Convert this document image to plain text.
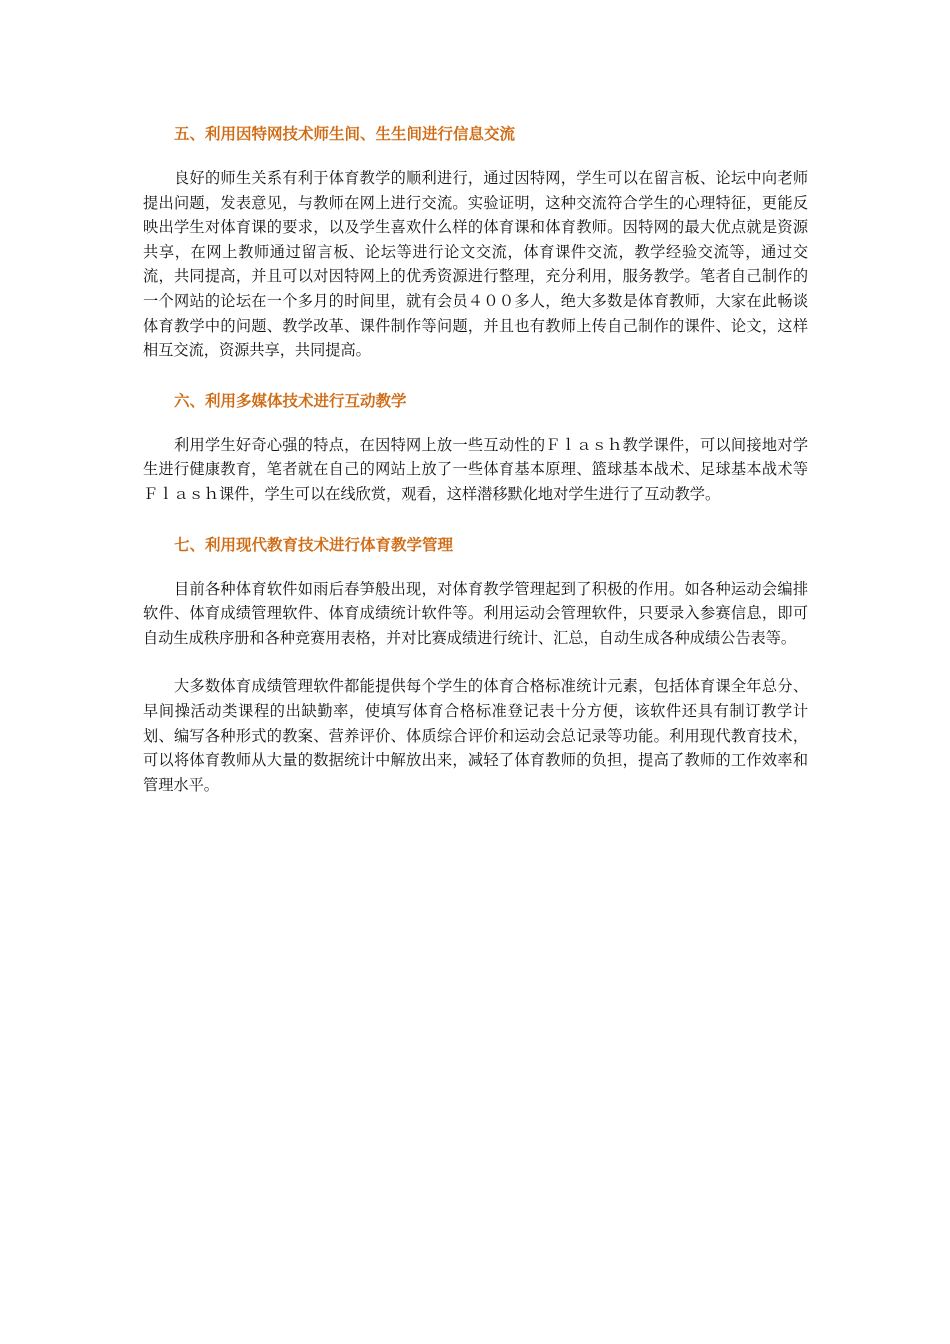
五、利用因特网技术师生间、生生间进行信息交流

良好的师生关系有利于体育教学的顺利进行，通过因特网，学生可以在留言板、论坛中向老师提出问题，发表意见，与教师在网上进行交流。实验证明，这种交流符合学生的心理特征，更能反映出学生对体育课的要求，以及学生喜欢什么样的体育课和体育教师。因特网的最大优点就是资源共享，在网上教师通过留言板、论坛等进行论文交流，体育课件交流，教学经验交流等，通过交流，共同提高，并且可以对因特网上的优秀资源进行整理，充分利用，服务教学。笔者自己制作的一个网站的论坛在一个多月的时间里，就有会员４００多人，绝大多数是体育教师，大家在此畅谈体育教学中的问题、教学改革、课件制作等问题，并且也有教师上传自己制作的课件、论文，这样相互交流，资源共享，共同提高。

六、利用多媒体技术进行互动教学

利用学生好奇心强的特点，在因特网上放一些互动性的Ｆｌａｓｈ教学课件，可以间接地对学生进行健康教育，笔者就在自己的网站上放了一些体育基本原理、篮球基本战术、足球基本战术等Ｆｌａｓｈ课件，学生可以在线欣赏，观看，这样潜移默化地对学生进行了互动教学。

七、利用现代教育技术进行体育教学管理

目前各种体育软件如雨后春笋般出现，对体育教学管理起到了积极的作用。如各种运动会编排软件、体育成绩管理软件、体育成绩统计软件等。利用运动会管理软件，只要录入参赛信息，即可自动生成秩序册和各种竞赛用表格，并对比赛成绩进行统计、汇总，自动生成各种成绩公告表等。

大多数体育成绩管理软件都能提供每个学生的体育合格标准统计元素，包括体育课全年总分、早间操活动类课程的出缺勤率，使填写体育合格标准登记表十分方便，该软件还具有制订教学计划、编写各种形式的教案、营养评价、体质综合评价和运动会总记录等功能。利用现代教育技术，可以将体育教师从大量的数据统计中解放出来，减轻了体育教师的负担，提高了教师的工作效率和管理水平。
